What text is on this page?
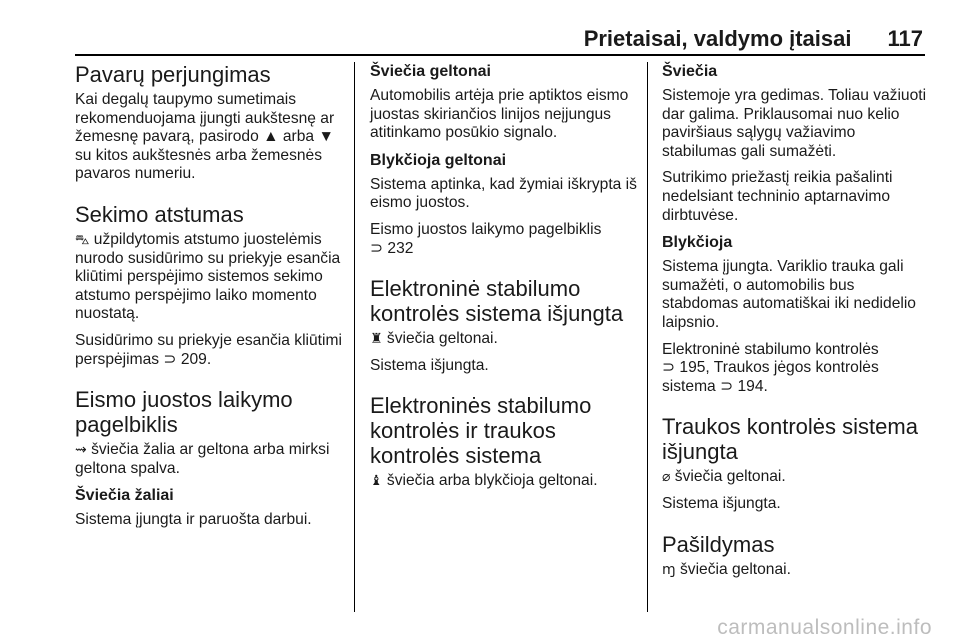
Prietaisai, valdymo įtaisai 117
Pavarų perjungimas

Kai degalų taupymo sumetimais rekomenduojama įjungti aukštesnę ar žemesnę pavarą, pasirodo ▲ arba ▼ su kitos aukštesnės arba žemesnės pavaros numeriu.

Sekimo atstumas

⛍ užpildytomis atstumo juostelėmis nurodo susidūrimo su priekyje esančia kliūtimi perspėjimo sistemos sekimo atstumo perspėjimo laiko momento nuostatą.

Susidūrimo su priekyje esančia kliūtimi perspėjimas ⊃ 209.

Eismo juostos laikymo pagelbiklis

⇝ šviečia žalia ar geltona arba mirksi geltona spalva.

Šviečia žaliai

Sistema įjungta ir paruošta darbui.

Šviečia geltonai

Automobilis artėja prie aptiktos eismo juostas skiriančios linijos neįjungus atitinkamo posūkio signalo.

Blykčioja geltonai

Sistema aptinka, kad žymiai iškrypta iš eismo juostos.

Eismo juostos laikymo pagelbiklis
⊃ 232

Elektroninė stabilumo kontrolės sistema išjungta

♜ šviečia geltonai.

Sistema išjungta.

Elektroninės stabilumo kontrolės ir traukos kontrolės sistema

♝ šviečia arba blykčioja geltonai.

Šviečia

Sistemoje yra gedimas. Toliau važiuoti dar galima. Priklausomai nuo kelio paviršiaus sąlygų važiavimo stabilumas gali sumažėti.

Sutrikimo priežastį reikia pašalinti nedelsiant techninio aptarnavimo dirbtuvėse.

Blykčioja

Sistema įjungta. Variklio trauka gali sumažėti, o automobilis bus stabdomas automatiškai iki nedidelio laipsnio.

Elektroninė stabilumo kontrolės
⊃ 195, Traukos jėgos kontrolės sistema ⊃ 194.

Traukos kontrolės sistema išjungta

⌀ šviečia geltonai.

Sistema išjungta.

Pašildymas

ɱ šviečia geltonai.

carmanualsonline.info
